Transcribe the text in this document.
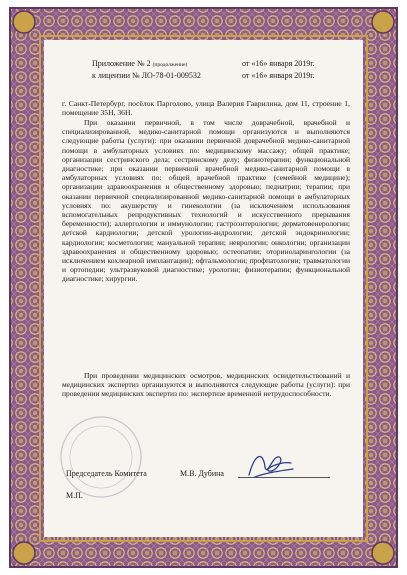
Приложение № 2 (продолжение)	от «16» января 2019г.
к лицензии № ЛО-78-01-009532	от «16» января 2019г.
г. Санкт-Петербург, посёлок Парголово, улица Валерия Гаврилина, дом 11, строение 1, помещение 35Н, 36Н.

При оказании первичной, в том числе доврачебной, врачебной и специализированной, медико-санитарной помощи организуются и выполняются следующие работы (услуги): при оказании первичной доврачебной медико-санитарной помощи в амбулаторных условиях по: медицинскому массажу; общей практике; организации сестринского дела; сестринскому делу; физиотерапии; функциональной диагностике; при оказании первичной врачебной медико-санитарной помощи в амбулаторных условиях по: общей врачебной практике (семейной медицине); организации здравоохранения и общественному здоровью; педиатрии; терапии; при оказании первичной специализированной медико-санитарной помощи в амбулаторных условиях по: акушерству и гинекологии (за исключением использования вспомогательных репродуктивных технологий и искусственного прерывания беременности); аллергологии и иммунологии; гастроэнтерологии; дерматовенерологии; детской кардиологии; детской урологии-андрологии; детской эндокринологии; кардиологии; косметологии; мануальной терапии; неврологии; онкологии; организации здравоохранения и общественному здоровью; остеопатии; оториноларингологии (за исключением кохлеарной имплантации); офтальмологии; профпатологии; травматологии и ортопедии; ультразвуковой диагностике; урологии; физиотерапии; функциональной диагностике; хирургии.

При проведении медицинских осмотров, медицинских освидетельствований и медицинских экспертиз организуются и выполняются следующие работы (услуги): при проведении медицинских экспертиз по: экспертизе временной нетрудоспособности.

Председатель Комитета	М.В. Дубина
М.П.
